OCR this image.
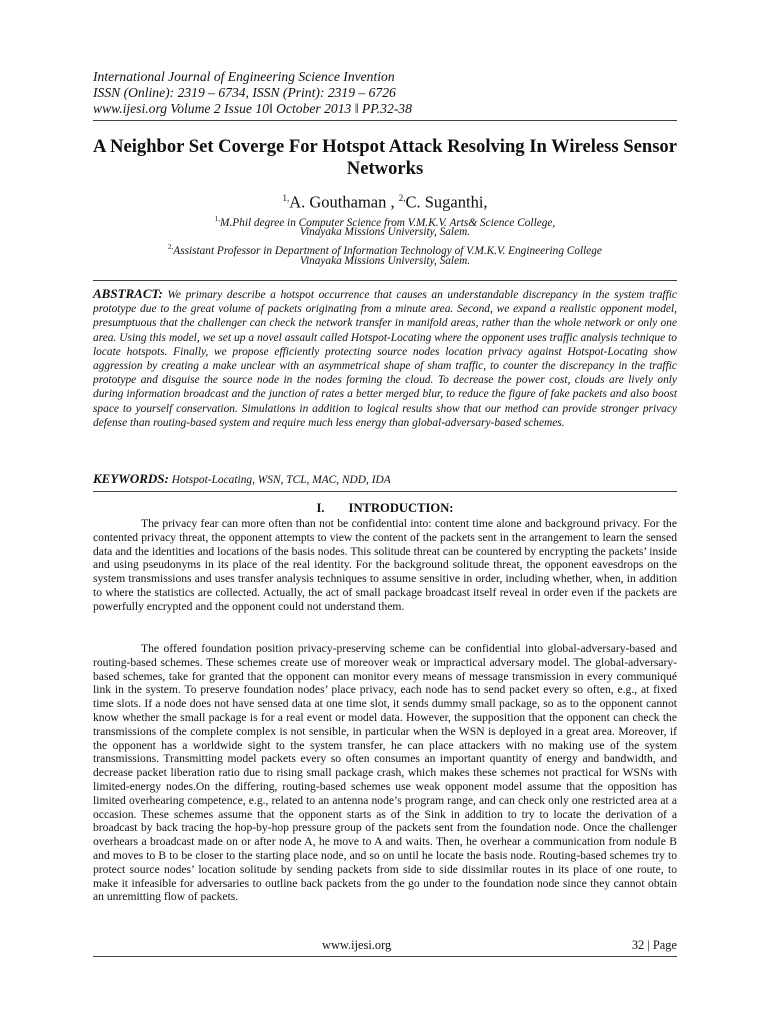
International Journal of Engineering Science Invention
ISSN (Online): 2319 – 6734, ISSN (Print): 2319 – 6726
www.ijesi.org Volume 2 Issue 10ǁ October 2013 ǁ PP.32-38
A Neighbor Set Coverge For Hotspot Attack Resolving In Wireless Sensor Networks
$^{1,}$A. Gouthaman , $^{2,}$C. Suganthi,
$^{1,}$M.Phil degree in Computer Science from V.M.K.V. Arts& Science College,
Vinayaka Missions University, Salem.
$^{2,}$Assistant Professor in Department of Information Technology of V.M.K.V. Engineering College
Vinayaka Missions University, Salem.

ABSTRACT: We primary describe a hotspot occurrence that causes an understandable discrepancy in the system traffic prototype due to the great volume of packets originating from a minute area. Second, we expand a realistic opponent model, presumptuous that the challenger can check the network transfer in manifold areas, rather than the whole network or only one area. Using this model, we set up a novel assault called Hotspot-Locating where the opponent uses traffic analysis technique to locate hotspots. Finally, we propose efficiently protecting source nodes location privacy against Hotspot-Locating show aggression by creating a make unclear with an asymmetrical shape of sham traffic, to counter the discrepancy in the traffic prototype and disguise the source node in the nodes forming the cloud. To decrease the power cost, clouds are lively only during information broadcast and the junction of rates a better merged blur, to reduce the figure of fake packets and also boost space to yourself conservation. Simulations in addition to logical results show that our method can provide stronger privacy defense than routing-based system and require much less energy than global-adversary-based schemes.

KEYWORDS: Hotspot-Locating, WSN, TCL, MAC, NDD, IDA
I. INTRODUCTION:

The privacy fear can more often than not be confidential into: content time alone and background privacy. For the contented privacy threat, the opponent attempts to view the content of the packets sent in the arrangement to learn the sensed data and the identities and locations of the basis nodes. This solitude threat can be countered by encrypting the packets’ inside and using pseudonyms in its place of the real identity. For the background solitude threat, the opponent eavesdrops on the system transmissions and uses transfer analysis techniques to assume sensitive in order, including whether, when, in addition to where the statistics are collected. Actually, the act of small package broadcast itself reveal in order even if the packets are powerfully encrypted and the opponent could not understand them.

The offered foundation position privacy-preserving scheme can be confidential into global-adversary-based and routing-based schemes. These schemes create use of moreover weak or impractical adversary model. The global-adversary-based schemes, take for granted that the opponent can monitor every means of message transmission in every communiqué link in the system. To preserve foundation nodes’ place privacy, each node has to send packet every so often, e.g., at fixed time slots. If a node does not have sensed data at one time slot, it sends dummy small package, so as to the opponent cannot know whether the small package is for a real event or model data. However, the supposition that the opponent can check the transmissions of the complete complex is not sensible, in particular when the WSN is deployed in a great area. Moreover, if the opponent has a worldwide sight to the system transfer, he can place attackers with no making use of the system transmissions. Transmitting model packets every so often consumes an important quantity of energy and bandwidth, and decrease packet liberation ratio due to rising small package crash, which makes these schemes not practical for WSNs with limited-energy nodes.On the differing, routing-based schemes use weak opponent model assume that the opposition has limited overhearing competence, e.g., related to an antenna node’s program range, and can check only one restricted area at a occasion. These schemes assume that the opponent starts as of the Sink in addition to try to locate the derivation of a broadcast by back tracing the hop-by-hop pressure group of the packets sent from the foundation node. Once the challenger overhears a broadcast made on or after node A, he move to A and waits. Then, he overhear a communication from nodule B and moves to B to be closer to the starting place node, and so on until he locate the basis node. Routing-based schemes try to protect source nodes’ location solitude by sending packets from side to side dissimilar routes in its place of one route, to make it infeasible for adversaries to outline back packets from the go under to the foundation node since they cannot obtain an unremitting flow of packets.

www.ijesi.org	32 | Page
